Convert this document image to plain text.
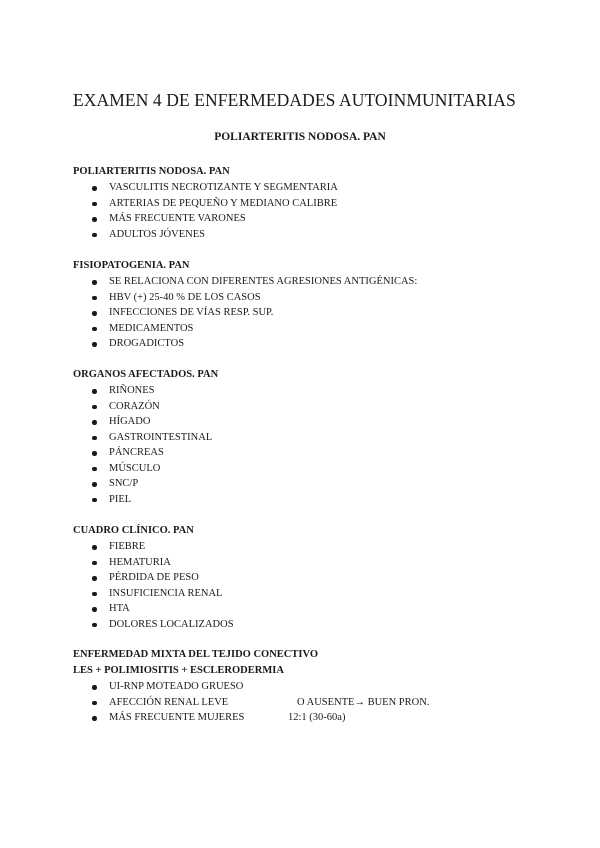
EXAMEN 4 DE ENFERMEDADES AUTOINMUNITARIAS
POLIARTERITIS NODOSA. PAN
POLIARTERITIS NODOSA. PAN
VASCULITIS NECROTIZANTE Y SEGMENTARIA
ARTERIAS DE PEQUEÑO Y MEDIANO CALIBRE
MÁS FRECUENTE VARONES
ADULTOS JÓVENES
FISIOPATOGENIA. PAN
SE RELACIONA CON DIFERENTES AGRESIONES ANTIGÉNICAS:
HBV (+) 25-40 % DE LOS CASOS
INFECCIONES DE VÍAS RESP. SUP.
MEDICAMENTOS
DROGADICTOS
ORGANOS AFECTADOS. PAN
RIÑONES
CORAZÓN
HÍGADO
GASTROINTESTINAL
PÁNCREAS
MÚSCULO
SNC/P
PIEL
CUADRO CLÍNICO. PAN
FIEBRE
HEMATURIA
PÉRDIDA DE PESO
INSUFICIENCIA RENAL
HTA
DOLORES LOCALIZADOS
ENFERMEDAD MIXTA DEL TEJIDO CONECTIVO
LES + POLIMIOSITIS + ESCLERODERMIA
UI-RNP MOTEADO GRUESO
AFECCIÓN RENAL LEVE	O AUSENTE→ BUEN PRON.
MÁS FRECUENTE MUJERES	12:1 (30-60a)
